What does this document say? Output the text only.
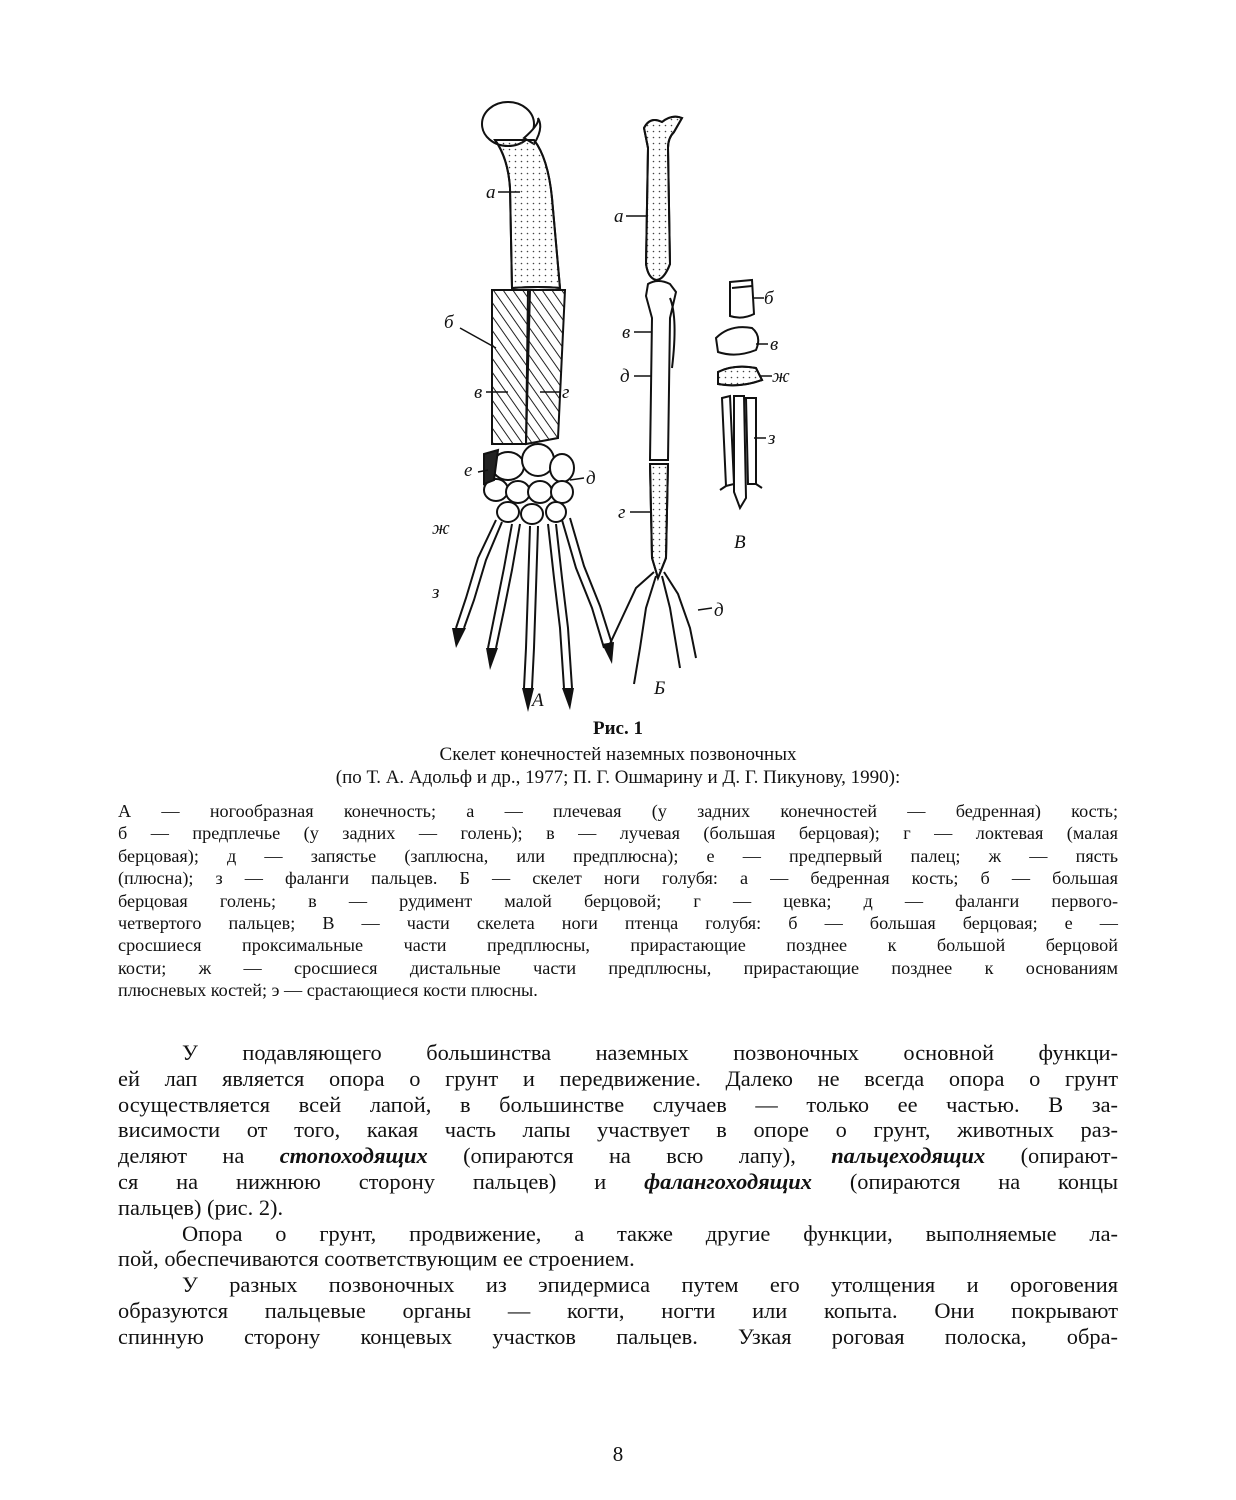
а
б
в	г
е	д
ж
з
А
а
в
д
г
д
Б
б
в
ж
з
В
Рис. 1
Скелет конечностей наземных позвоночных
(по Т. А. Адольф и др., 1977; П. Г. Ошмарину и Д. Г. Пикунову, 1990):
А — ногообразная конечность; а — плечевая (у задних конечностей — бедренная) кость;
б — предплечье (у задних — голень); в — лучевая (большая берцовая); г — локтевая (малая
берцовая); д — запястье (заплюсна, или предплюсна); е — предпервый палец; ж — пясть
(плюсна); з — фаланги пальцев. Б — скелет ноги голубя: а — бедренная кость; б — большая
берцовая голень; в — рудимент малой берцовой; г — цевка; д — фаланги первого-
четвертого пальцев; В — части скелета ноги птенца голубя: б — большая берцовая; е —
сросшиеся проксимальные части предплюсны, прирастающие позднее к большой берцовой
кости; ж — сросшиеся дистальные части предплюсны, прирастающие позднее к основаниям
плюсневых костей; э — срастающиеся кости плюсны.
У подавляющего большинства наземных позвоночных основной функци-
ей лап является опора о грунт и передвижение. Далеко не всегда опора о грунт
осуществляется всей лапой, в большинстве случаев — только ее частью. В за-
висимости от того, какая часть лапы участвует в опоре о грунт, животных раз-
деляют на стопоходящих (опираются на всю лапу), пальцеходящих (опирают-
ся на нижнюю сторону пальцев) и фалангоходящих (опираются на концы
пальцев) (рис. 2).
Опора о грунт, продвижение, а также другие функции, выполняемые ла-
пой, обеспечиваются соответствующим ее строением.
У разных позвоночных из эпидермиса путем его утолщения и ороговения
образуются пальцевые органы — когти, ногти или копыта. Они покрывают
спинную сторону концевых участков пальцев. Узкая роговая полоска, обра-
8
